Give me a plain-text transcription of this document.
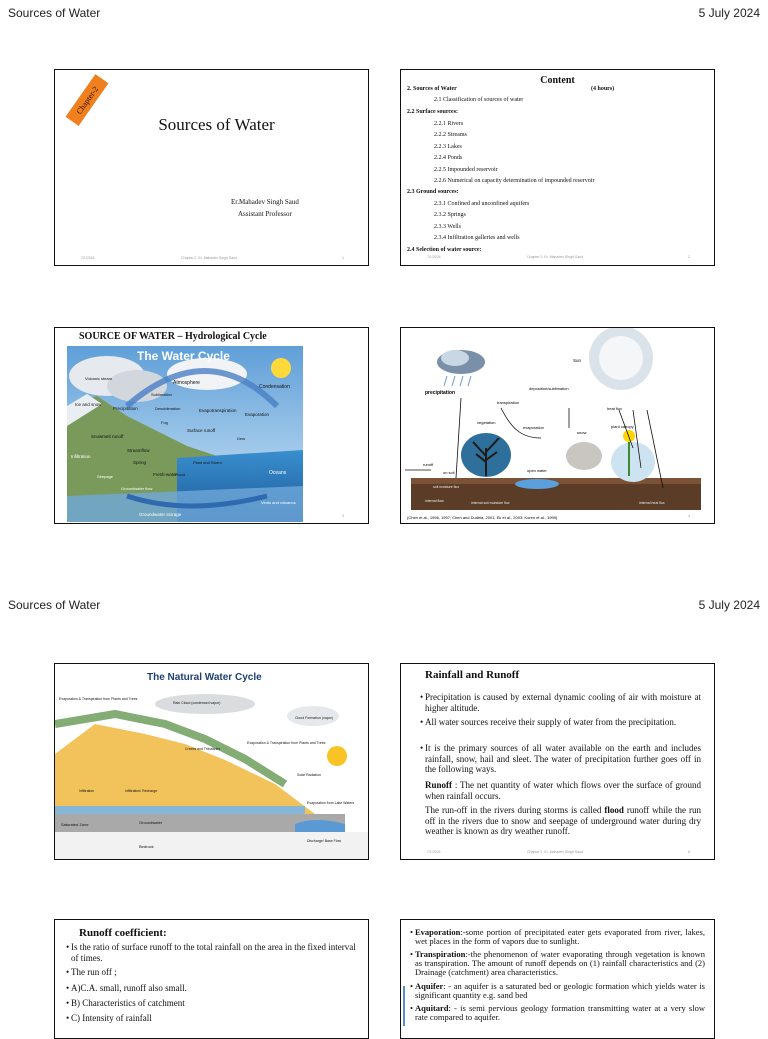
Sources of Water	5 July 2024
Sources of Water	5 July 2024
Chapter-2
Sources of Water
Er.Mahadev Singh Saud
Assistant Professor
7/1/2024	Chapter 2, Er. Mahadev Singh Saud	1
Content
2. Sources of Water	(4 hours)
2.1 Classification of sources of water
2.2 Surface sources:
2.2.1 Rivers
2.2.2 Streams
2.2.3 Lakes
2.2.4 Ponds
2.2.5 Impounded reservoir
2.2.6 Numerical on capacity determination of impounded reservoir
2.3 Ground sources:
2.3.1 Confined and unconfined aquifers
2.3.2 Springs
2.3.3 Wells
2.3.4 Infiltration galleries and wells
2.4 Selection of water source:
7/1/2024	Chapter 2, Er. Mahadev Singh Saud	2
SOURCE OF WATER – Hydrological Cycle
The Water Cycle
Volcanic steam
Atmosphere
Condensation
Ice and snow
Precipitation
Sublimation
Desublimation	Evapotranspiration
Evaporation
Fog
Surface runoff
Dew
Snowmelt runoff
Streamflow
Infiltration
Spring
Fresh-water
Flood
Plant and Storm
Oceans
Seepage
Groundwater flow
Groundwater storage
Vents and volcanos
3
Sun
precipitation
transpiration
deposition/sublimation
heat flux
vegetation
evaporation
snow
plant canopy
runoff
on soil	open water
soil moisture flux
internal soil moisture flux
internal flow	internal heat flux
(Chen et al., 1996, 1997; Chen and Dudhia, 2001; Ek et al., 2003; Koren et al., 1999)	4
The Natural Water Cycle
Evaporation & Transpiration from Plants and Trees
Rain Cloud (condensed vapor)
Cloud Formation (vapor)
Creeks and Tributaries
Evaporation & Transpiration from Plants and Trees
Solar Radiation
Infiltration	Infiltration/ Recharge
Evaporation from Lake Waters
Saturated Zone	Groundwater
Bedrock
Discharge/ Base Flow
Rainfall and Runoff
• Precipitation is caused by external dynamic cooling of air with moisture at higher altitude.
• All water sources receive their supply of water from the precipitation.
• It is the primary sources of all water available on the earth and includes rainfall, snow, hail and sleet. The water of precipitation further goes off in the following ways.
Runoff : The net quantity of water which flows over the surface of ground when rainfall occurs.
The run-off in the rivers during storms is called flood runoff while the run off in the rivers due to snow and seepage of underground water during dry weather is known as dry weather runoff.
7/1/2024	Chapter 2, Er. Mahadev Singh Saud	6
Runoff coefficient:
• Is the ratio of surface runoff to the total rainfall on the area in the fixed interval of times.
• The run off ;
• A)C.A. small, runoff also small.
• B) Characteristics of catchment
• C) Intensity of rainfall
• Evaporation:-some portion of precipitated eater gets evaporated from river, lakes, wet places in the form of vapors due to sunlight.
• Transpiration:-the phenomenon of water evaporating through vegetation is known as transpiration. The amount of runoff depends on (1) rainfall characteristics and (2) Drainage (catchment) area characteristics.
• Aquifer: - an aquifer is a saturated bed or geologic formation which yields water is significant quantity e.g. sand bed
• Aquitard: - is semi pervious geology formation transmitting water at a very slow rate compared to aquifer.
